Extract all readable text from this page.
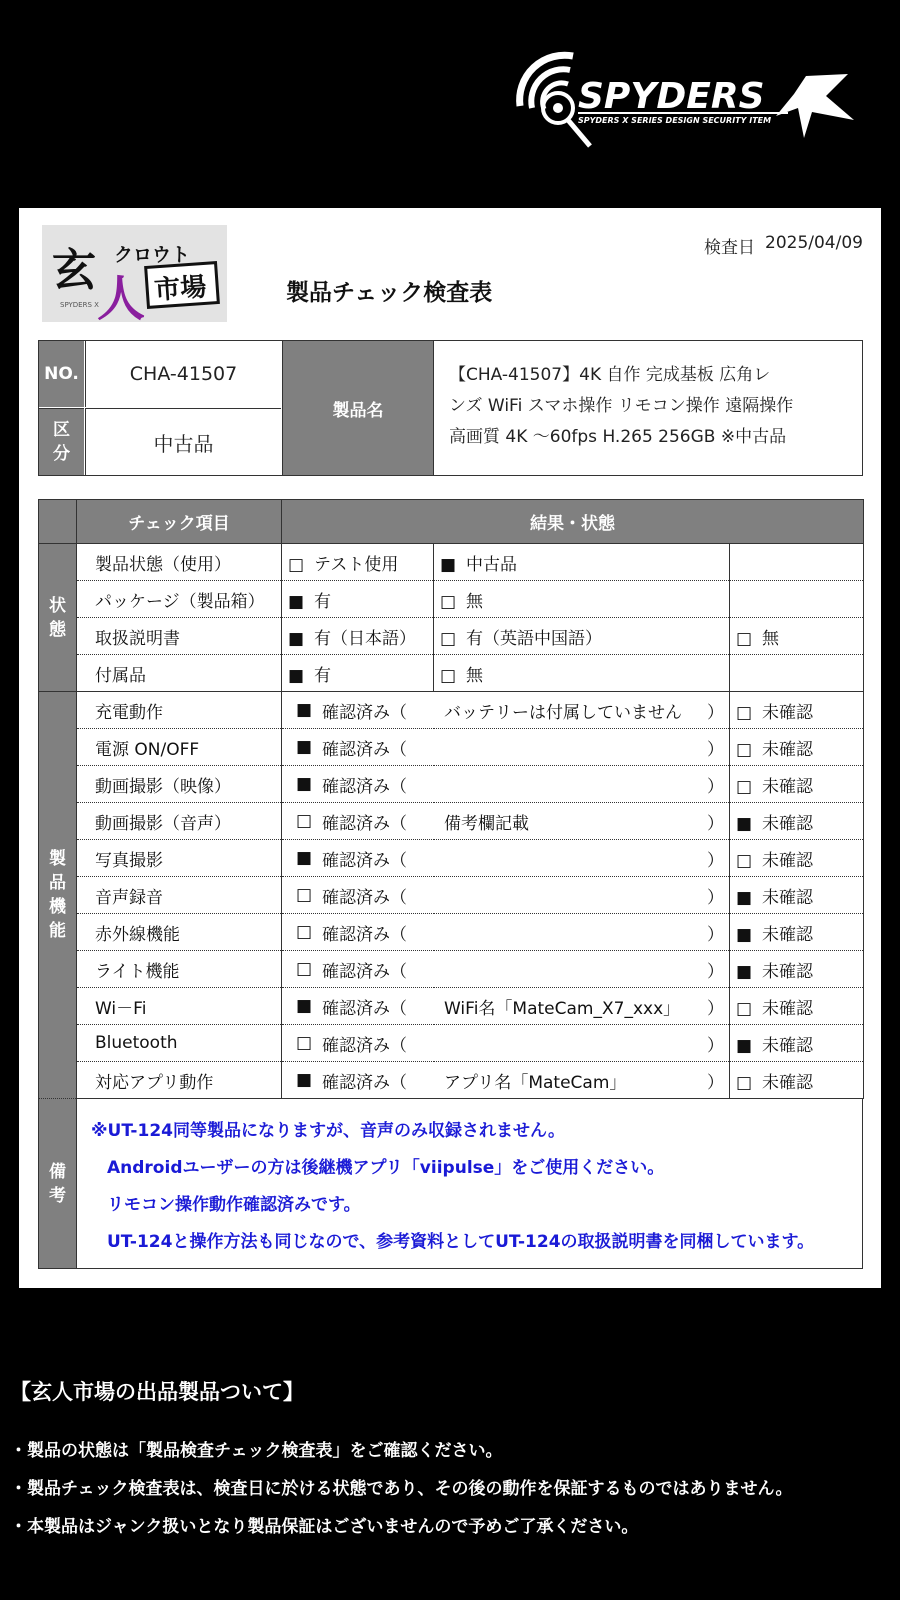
SPYDERS
SPYDERS X SERIES DESIGN SECURITY ITEM
玄
人
クロウト
市場
SPYDERS X
検査日 2025/04/09
製品チェック検査表
NO.	CHA-41507
区分	中古品
製品名
【CHA-41507】4K 自作 完成基板 広角レ
ンズ WiFi スマホ操作 リモコン操作 遠隔操作
高画質 4K ～60fps H.265 256GB ※中古品
	チェック項目	結果・状態		
状
態	製品状態（使用）	□ テスト使用	■ 中古品	
	パッケージ（製品箱）	■ 有	□ 無	
	取扱説明書	■ 有（日本語）	□ 有（英語中国語）	□ 無
	付属品	■ 有	□ 無	
製
品
機
能	充電動作	■ 確認済み（ バッテリーは付属していません ）		□ 未確認
	電源 ON/OFF	■ 確認済み（ ）		□ 未確認
	動画撮影（映像）	■ 確認済み（ ）		□ 未確認
	動画撮影（音声）	□ 確認済み（ 備考欄記載 ）		■ 未確認
	写真撮影	■ 確認済み（ ）		□ 未確認
	音声録音	□ 確認済み（ ）		■ 未確認
	赤外線機能	□ 確認済み（ ）		■ 未確認
	ライト機能	□ 確認済み（ ）		■ 未確認
	Wi－Fi	■ 確認済み（ WiFi名「MateCam_X7_xxx」 ）		□ 未確認
	Bluetooth	□ 確認済み（ ）		■ 未確認
	対応アプリ動作	■ 確認済み（ アプリ名「MateCam」 ）		□ 未確認
備
考
※UT-124同等製品になりますが、音声のみ収録されません。
Androidユーザーの方は後継機アプリ「viipulse」をご使用ください。
リモコン操作動作確認済みです。
UT-124と操作方法も同じなので、参考資料としてUT-124の取扱説明書を同梱しています。
【玄人市場の出品製品ついて】
・製品の状態は「製品検査チェック検査表」をご確認ください。
・製品チェック検査表は、検査日に於ける状態であり、その後の動作を保証するものではありません。
・本製品はジャンク扱いとなり製品保証はございませんので予めご了承ください。
